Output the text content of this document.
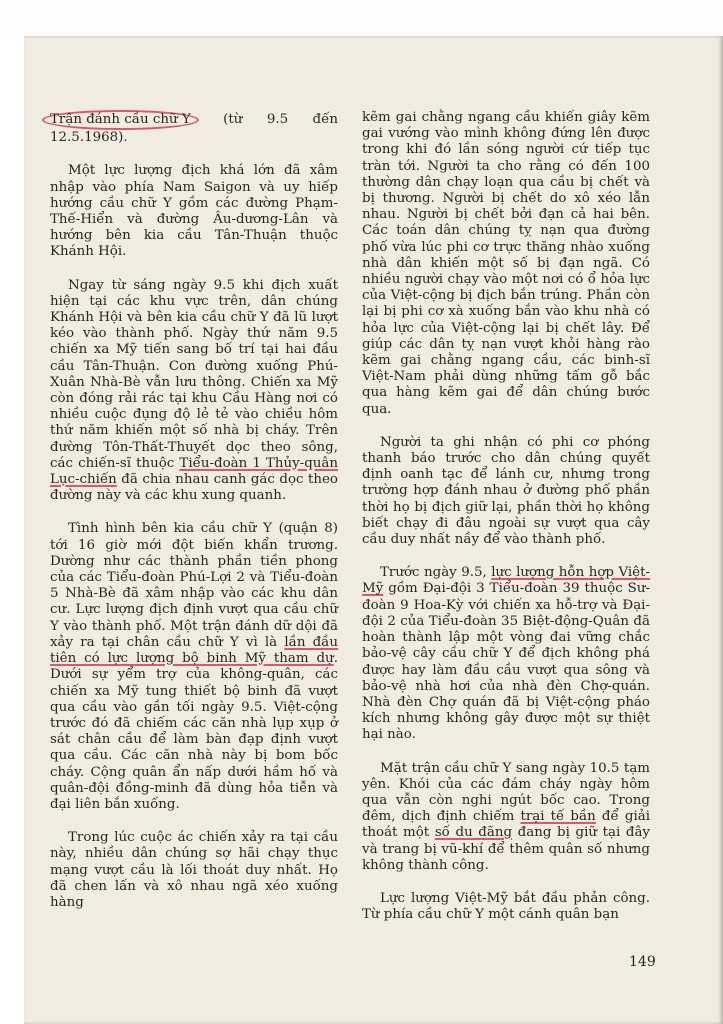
Trận đánh cầu chữ Y (từ 9.5 đến 12.5.1968).

Một lực lượng địch khá lớn đã xâm nhập vào phía Nam Saigon và uy hiếp hướng cầu chữ Y gồm các đường Phạm-Thế-Hiển và đường Âu-dương-Lân và hướng bên kia cầu Tân-Thuận thuộc Khánh Hội.

Ngay từ sáng ngày 9.5 khi địch xuất hiện tại các khu vực trên, dân chúng Khánh Hội và bên kia cầu chữ Y đã lũ lượt kéo vào thành phố. Ngày thứ năm 9.5 chiến xa Mỹ tiến sang bố trí tại hai đầu cầu Tân-Thuận. Con đường xuống Phú-Xuân Nhà-Bè vẫn lưu thông. Chiến xa Mỹ còn đóng rải rác tại khu Cầu Hàng nơi có nhiều cuộc đụng độ lẻ tẻ vào chiều hôm thứ năm khiến một số nhà bị cháy. Trên đường Tôn-Thất-Thuyết dọc theo sông, các chiến-sĩ thuộc Tiểu-đoàn 1 Thủy-quân Lục-chiến đã chia nhau canh gác dọc theo đường này và các khu xung quanh.

Tình hình bên kia cầu chữ Y (quận 8) tới 16 giờ mới đột biến khẩn trương. Dường như các thành phần tiền phong của các Tiểu-đoàn Phú-Lợi 2 và Tiểu-đoàn 5 Nhà-Bè đã xâm nhập vào các khu dân cư. Lực lượng địch định vượt qua cầu chữ Y vào thành phố. Một trận đánh dữ dội đã xảy ra tại chân cầu chữ Y vì là lần đầu tiên có lực lượng bộ binh Mỹ tham dự. Dưới sự yểm trợ của không-quân, các chiến xa Mỹ tung thiết bộ binh đã vượt qua cầu vào gần tối ngày 9.5. Việt-cộng trước đó đã chiếm các căn nhà lụp xụp ở sát chân cầu để làm bàn đạp định vượt qua cầu. Các căn nhà này bị bom bốc cháy. Cộng quân ẩn nấp dưới hầm hố và quân-đội đồng-minh đã dùng hỏa tiễn và đại liên bắn xuống.

Trong lúc cuộc ác chiến xảy ra tại cầu này, nhiều dân chúng sợ hãi chạy thục mạng vượt cầu là lối thoát duy nhất. Họ đã chen lấn và xô nhau ngã xéo xuống hàng

kẽm gai chằng ngang cầu khiến giây kẽm gai vướng vào mình không đứng lên được trong khi đó lần sóng người cứ tiếp tục tràn tới. Người ta cho rằng có đến 100 thường dân chạy loạn qua cầu bị chết và bị thương. Người bị chết do xô xéo lẫn nhau. Người bị chết bởi đạn cả hai bên. Các toán dân chúng tỵ nạn qua đường phố vừa lúc phi cơ trực thăng nhào xuống nhà dân khiến một số bị đạn ngã. Có nhiều người chạy vào một nơi có ổ hỏa lực của Việt-cộng bị địch bắn trúng. Phần còn lại bị phi cơ xà xuống bắn vào khu nhà có hỏa lực của Việt-cộng lại bị chết lây. Để giúp các dân tỵ nạn vượt khỏi hàng rào kẽm gai chằng ngang cầu, các binh-sĩ Việt-Nam phải dùng những tấm gỗ bắc qua hàng kẽm gai để dân chúng bước qua.

Người ta ghi nhận có phi cơ phóng thanh báo trước cho dân chúng quyết định oanh tạc để lánh cư, nhưng trong trường hợp đánh nhau ở đường phố phần thời họ bị địch giữ lại, phần thời họ không biết chạy đi đâu ngoài sự vượt qua cây cầu duy nhất nầy để vào thành phố.

Trước ngày 9.5, lực lượng hỗn hợp Việt-Mỹ gồm Đại-đội 3 Tiểu-đoàn 39 thuộc Sư-đoàn 9 Hoa-Kỳ với chiến xa hỗ-trợ và Đại-đội 2 của Tiểu-đoàn 35 Biệt-động-Quân đã hoàn thành lập một vòng đai vững chắc bảo-vệ cây cầu chữ Y để địch không phá được hay làm đầu cầu vượt qua sông và bảo-vệ nhà hơi của nhà đèn Chợ-quán. Nhà đèn Chợ quán đã bị Việt-cộng pháo kích nhưng không gây được một sự thiệt hại nào.

Mặt trận cầu chữ Y sang ngày 10.5 tạm yên. Khói của các đám cháy ngày hôm qua vẫn còn nghi ngút bốc cao. Trong đêm, dịch định chiếm trại tế bần để giải thoát một số du đãng đang bị giữ tại đây và trang bị vũ-khí để thêm quân số nhưng không thành công.

Lực lượng Việt-Mỹ bắt đầu phản công. Từ phía cầu chữ Y một cánh quân bạn

149
